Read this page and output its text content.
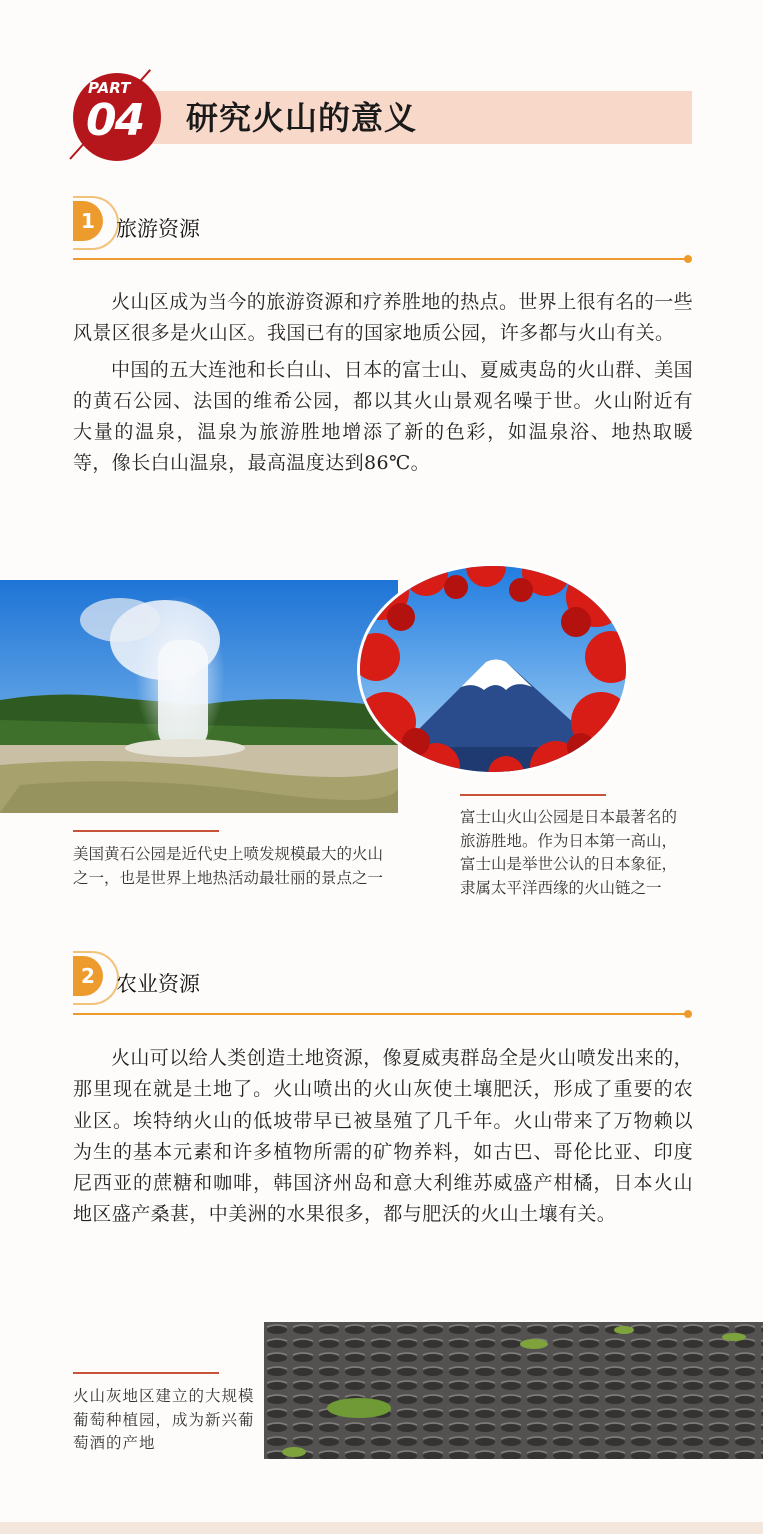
PART
04 研究火山的意义
1	旅游资源

火山区成为当今的旅游资源和疗养胜地的热点。世界上很有名的一些风景区很多是火山区。我国已有的国家地质公园，许多都与火山有关。

中国的五大连池和长白山、日本的富士山、夏威夷岛的火山群、美国的黄石公园、法国的维希公园，都以其火山景观名噪于世。火山附近有大量的温泉，温泉为旅游胜地增添了新的色彩，如温泉浴、地热取暖等，像长白山温泉，最高温度达到86℃。

美国黄石公园是近代史上喷发规模最大的火山之一，也是世界上地热活动最壮丽的景点之一
富士山火山公园是日本最著名的旅游胜地。作为日本第一高山，富士山是举世公认的日本象征，隶属太平洋西缘的火山链之一
2	农业资源

火山可以给人类创造土地资源，像夏威夷群岛全是火山喷发出来的，那里现在就是土地了。火山喷出的火山灰使土壤肥沃，形成了重要的农业区。埃特纳火山的低坡带早已被垦殖了几千年。火山带来了万物赖以为生的基本元素和许多植物所需的矿物养料，如古巴、哥伦比亚、印度尼西亚的蔗糖和咖啡，韩国济州岛和意大利维苏威盛产柑橘，日本火山地区盛产桑葚，中美洲的水果很多，都与肥沃的火山土壤有关。

火山灰地区建立的大规模葡萄种植园，成为新兴葡萄酒的产地
